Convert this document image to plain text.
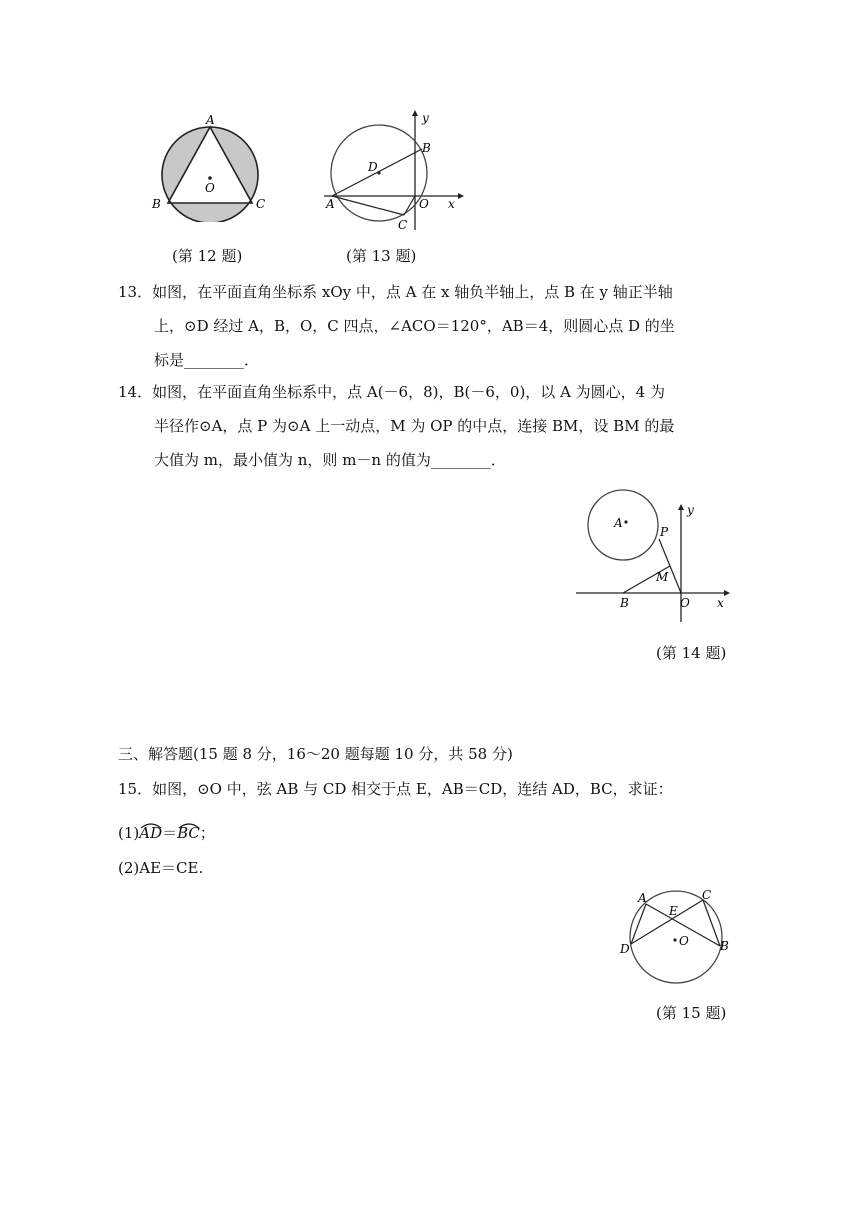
A
B	C
O
(第 12 题)
y
B
D
A	O x
C
(第 13 题)
13．如图，在平面直角坐标系 xOy 中，点 A 在 x 轴负半轴上，点 B 在 y 轴正半轴
上，⊙D 经过 A，B，O，C 四点，∠ACO＝120°，AB＝4，则圆心点 D 的坐
标是________．
14．如图，在平面直角坐标系中，点 A(－6，8)，B(－6，0)，以 A 为圆心，4 为
半径作⊙A，点 P 为⊙A 上一动点，M 为 OP 的中点，连接 BM，设 BM 的最
大值为 m，最小值为 n，则 m－n 的值为________．
y
A
P
M
B	O x
(第 14 题)
三、解答题(15 题 8 分，16～20 题每题 10 分，共 58 分)
15．如图，⊙O 中，弦 AB 与 CD 相交于点 E，AB＝CD，连结 AD，BC，求证：
(1)
AD＝
BC；
(2)AE＝CE.
A	C
E
O
D	B
(第 15 题)
